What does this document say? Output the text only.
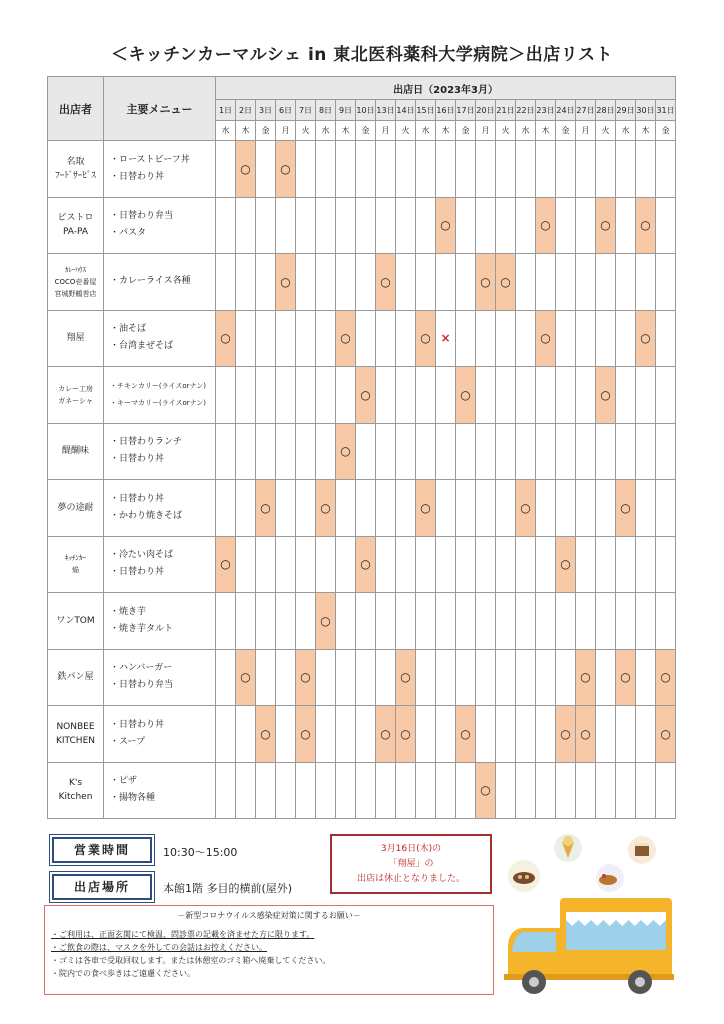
＜キッチンカーマルシェ in 東北医科薬科大学病院＞出店リスト
出店者	主要メニュー	出店日（2023年3月）																						
		1日	2日	3日	6日	7日	8日	9日	10日	13日	14日	15日	16日	17日	20日	21日	22日	23日	24日	27日	28日	29日	30日	31日
		水	木	金	月	火	水	木	金	月	火	水	木	金	月	火	水	木	金	月	火	水	木	金

名取
ﾌｰﾄﾞｻｰﾋﾞｽ	・ローストビーフ丼
・日替わり丼		○		○																			

ビストロ
PA-PA	・日替わり弁当
・パスタ												○					○			○		○	

ｶﾚｰﾊｳｽ
COCO壱番屋
宮城野鶴巻店	・カレーライス各種				○					○					○	○								

翔屋	・油そば
・台湾まぜそば	○						○				○	×					○					○	

カレー工房
ガネーシャ	・チキンカリー(ライスorナン)
・キーマカリー(ライスorナン)								○					○							○			

醍醐味	・日替わりランチ
・日替わり丼							○																

夢の途耐	・日替わり丼
・かわり焼きそば			○			○					○					○					○		

ｷｯﾁﾝｶｰ
焔	・冷たい肉そば
・日替わり丼	○							○										○					

ワンTOM	・焼き芋
・焼き芋タルト						○																	

鉄パン屋	・ハンバーガー
・日替わり弁当		○			○					○									○		○		○

NONBEE
KITCHEN	・日替わり丼
・スープ			○		○				○	○			○					○	○				○

K's
Kitchen	・ピザ
・揚物各種														○									
営業時間	10:30～15:00
出店場所	本館1階 多目的横前(屋外)
3月16日(木)の
「翔屋」の
出店は休止となりました。
－新型コロナウイルス感染症対策に関するお願い－
・ご利用は、正面玄関にて検温、問診票の記載を済ませた方に限ります。
・ご飲食の際は、マスクを外しての会話はお控えください。
・ゴミは各車で受取回収します。または休憩室のゴミ箱へ廃棄してください。
・院内での食べ歩きはご遠慮ください。
